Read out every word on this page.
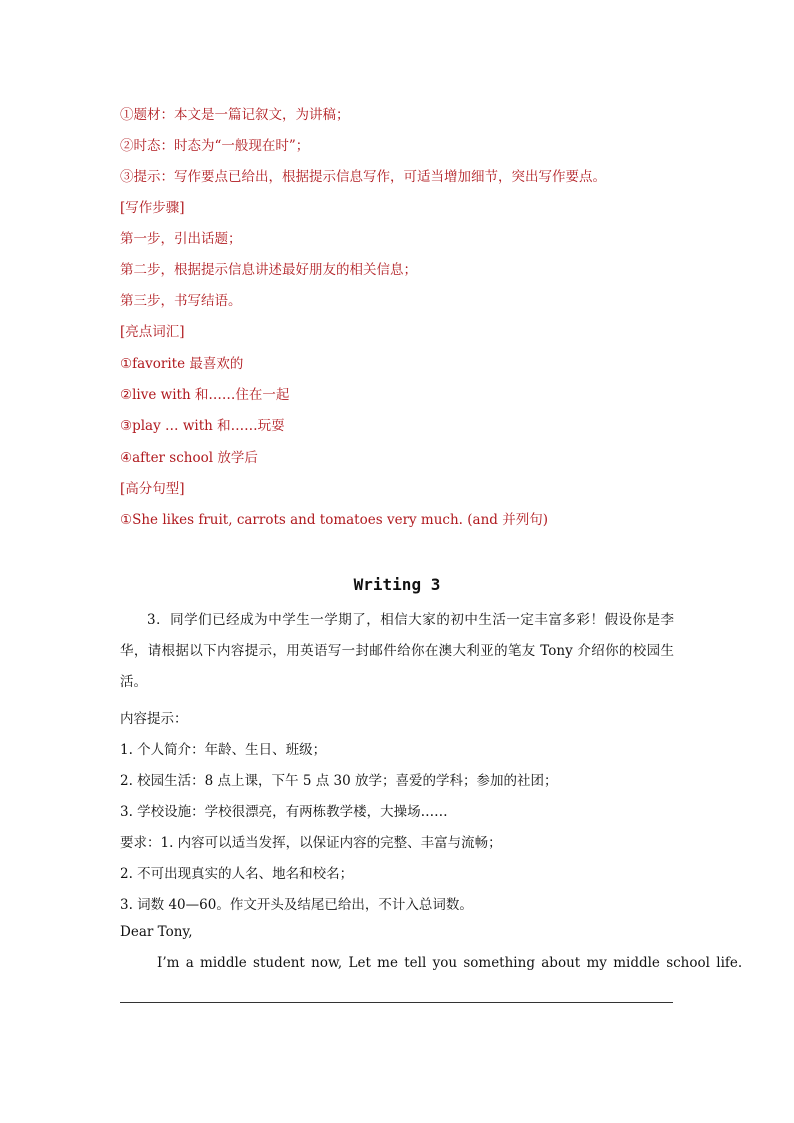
①题材：本文是一篇记叙文，为讲稿；
②时态：时态为“一般现在时”；
③提示：写作要点已给出，根据提示信息写作，可适当增加细节，突出写作要点。
[写作步骤]
第一步，引出话题；
第二步，根据提示信息讲述最好朋友的相关信息；
第三步，书写结语。
[亮点词汇]
①favorite 最喜欢的
②live with 和……住在一起
③play … with 和……玩耍
④after school 放学后
[高分句型]
①She likes fruit, carrots and tomatoes very much. (and 并列句)
Writing 3
3．同学们已经成为中学生一学期了，相信大家的初中生活一定丰富多彩！假设你是李华，请根据以下内容提示，用英语写一封邮件给你在澳大利亚的笔友 Tony 介绍你的校园生活。
内容提示：
1. 个人简介：年龄、生日、班级；
2. 校园生活：8 点上课，下午 5 点 30 放学；喜爱的学科；参加的社团；
3. 学校设施：学校很漂亮，有两栋教学楼，大操场……
要求：1. 内容可以适当发挥，以保证内容的完整、丰富与流畅；
2. 不可出现真实的人名、地名和校名；
3. 词数 40—60。作文开头及结尾已给出，不计入总词数。
Dear Tony,
I’m a middle student now, Let me tell you something about my middle school life.
